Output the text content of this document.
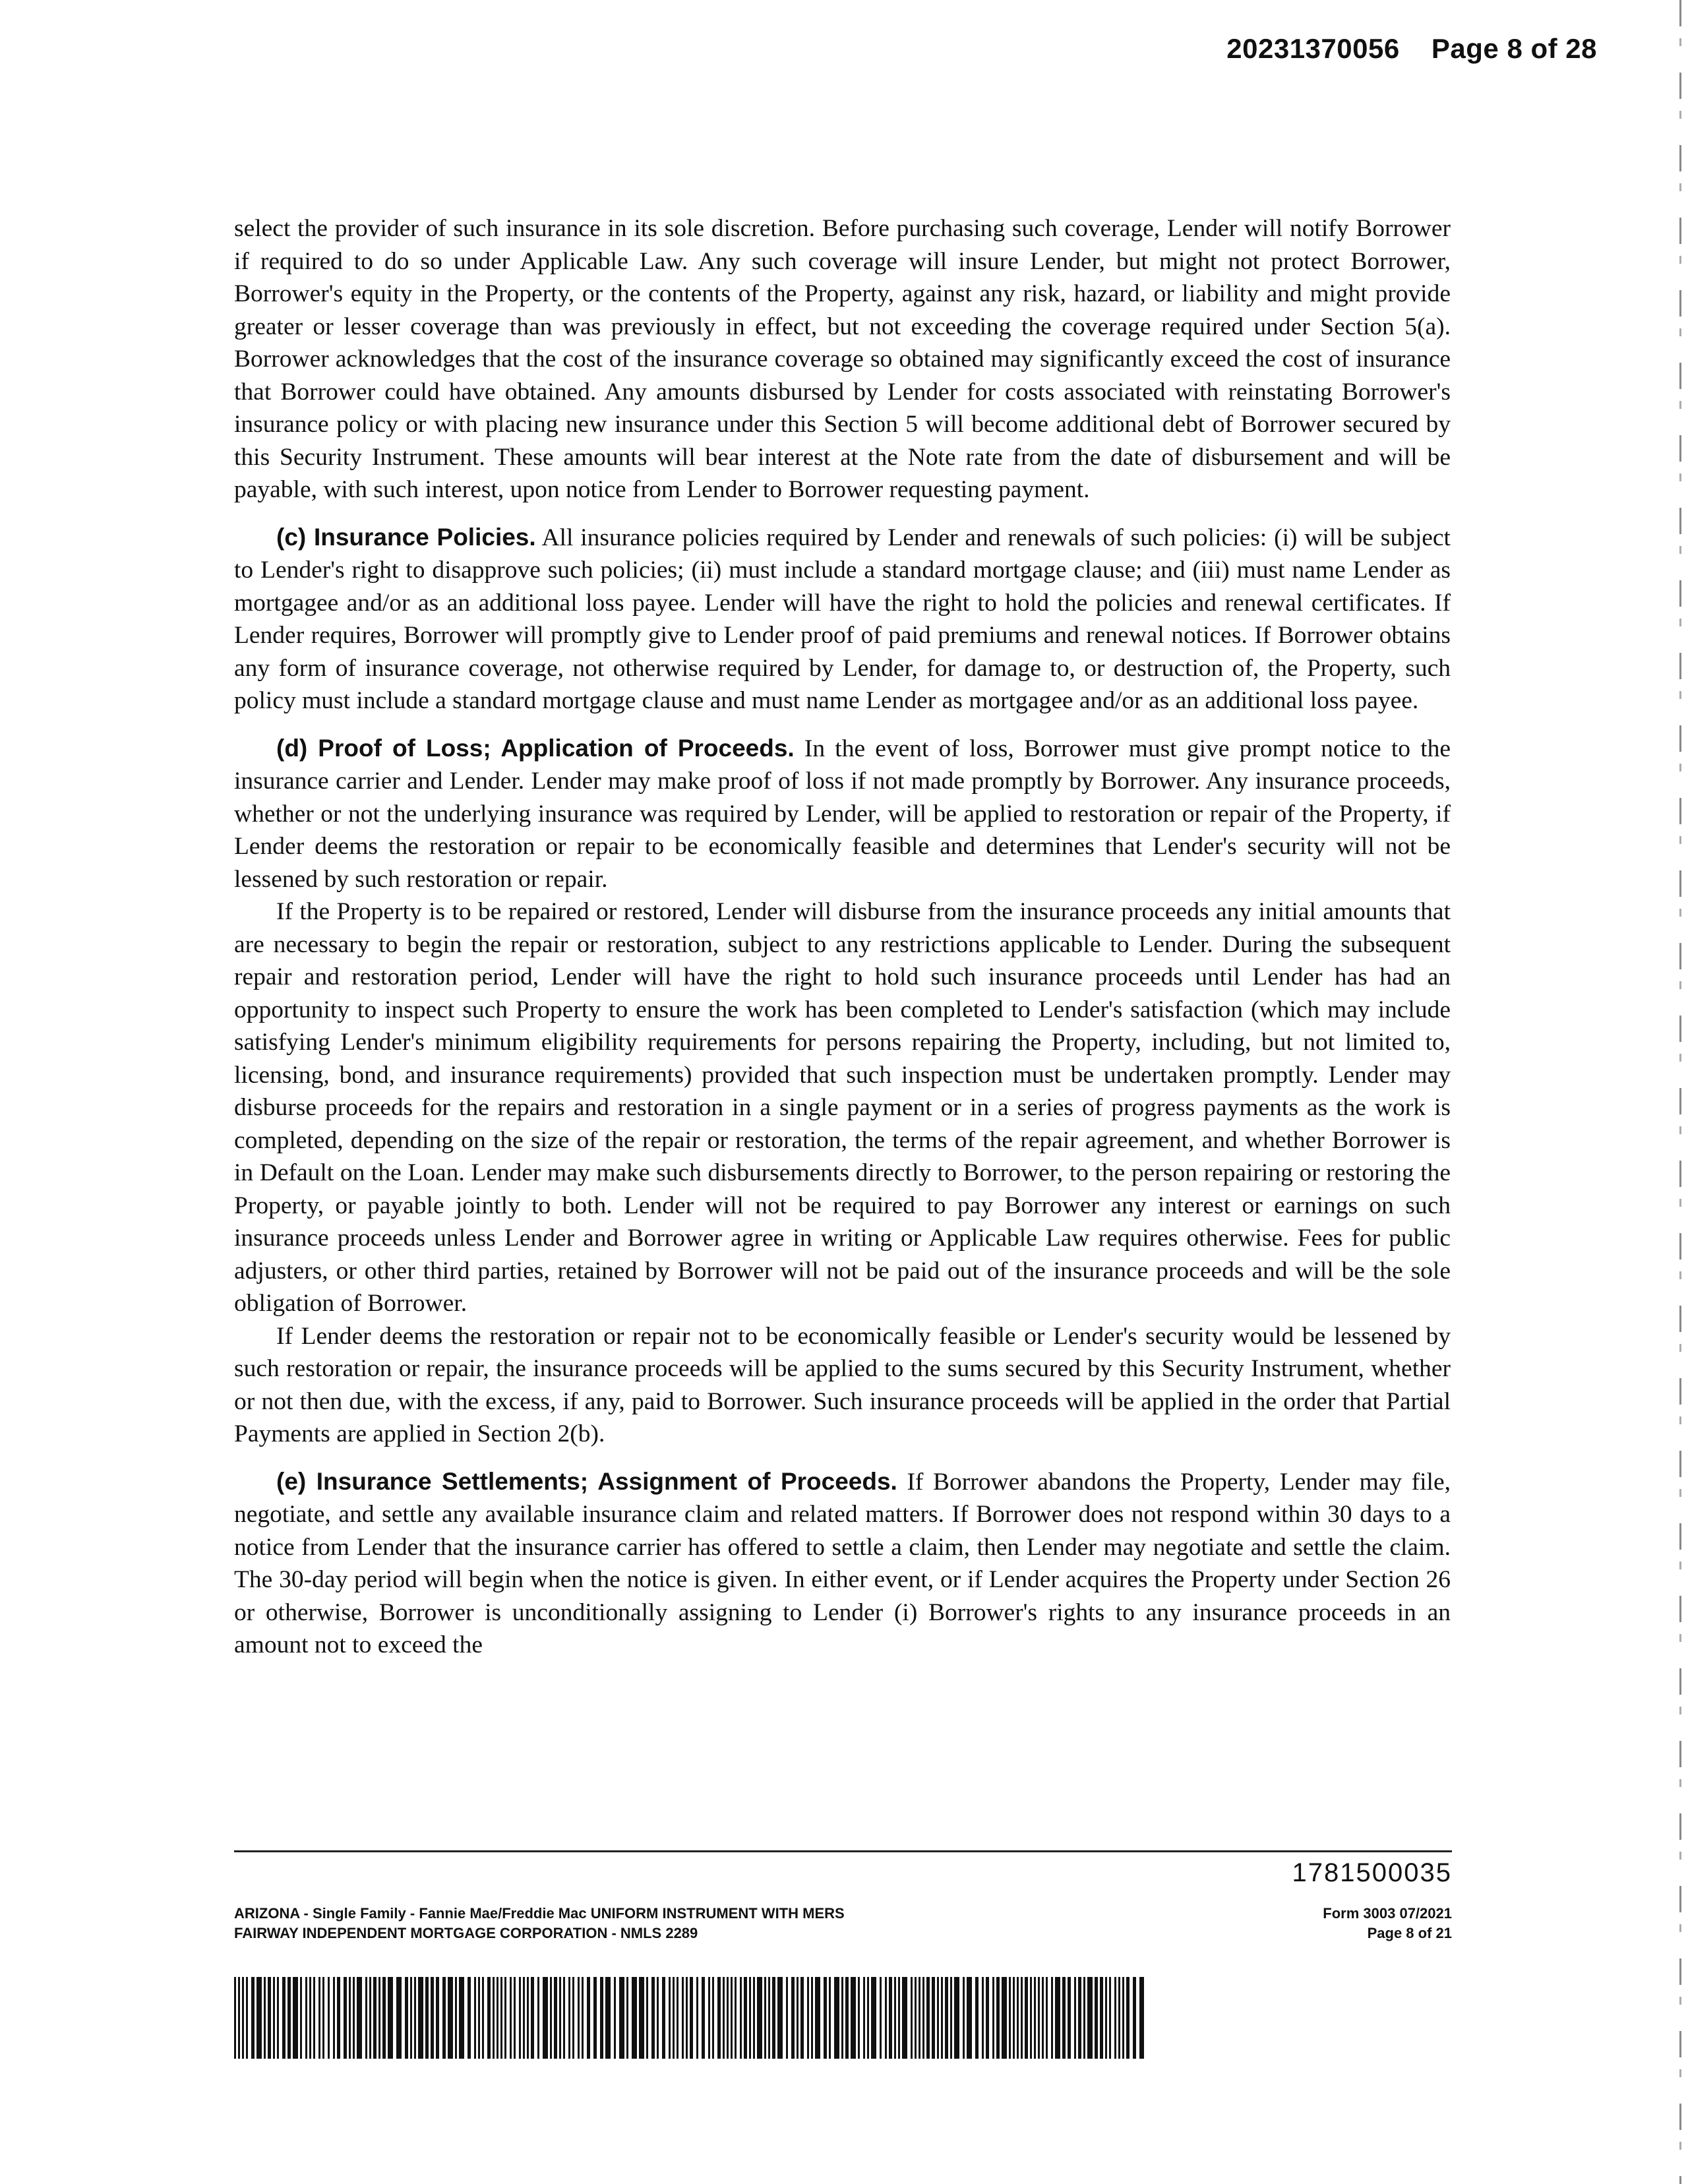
20231370056 Page 8 of 28

select the provider of such insurance in its sole discretion. Before purchasing such coverage, Lender will notify Borrower if required to do so under Applicable Law. Any such coverage will insure Lender, but might not protect Borrower, Borrower's equity in the Property, or the contents of the Property, against any risk, hazard, or liability and might provide greater or lesser coverage than was previously in effect, but not exceeding the coverage required under Section 5(a). Borrower acknowledges that the cost of the insurance coverage so obtained may significantly exceed the cost of insurance that Borrower could have obtained. Any amounts disbursed by Lender for costs associated with reinstating Borrower's insurance policy or with placing new insurance under this Section 5 will become additional debt of Borrower secured by this Security Instrument. These amounts will bear interest at the Note rate from the date of disbursement and will be payable, with such interest, upon notice from Lender to Borrower requesting payment.

(c) Insurance Policies. All insurance policies required by Lender and renewals of such policies: (i) will be subject to Lender's right to disapprove such policies; (ii) must include a standard mortgage clause; and (iii) must name Lender as mortgagee and/or as an additional loss payee. Lender will have the right to hold the policies and renewal certificates. If Lender requires, Borrower will promptly give to Lender proof of paid premiums and renewal notices. If Borrower obtains any form of insurance coverage, not otherwise required by Lender, for damage to, or destruction of, the Property, such policy must include a standard mortgage clause and must name Lender as mortgagee and/or as an additional loss payee.

(d) Proof of Loss; Application of Proceeds. In the event of loss, Borrower must give prompt notice to the insurance carrier and Lender. Lender may make proof of loss if not made promptly by Borrower. Any insurance proceeds, whether or not the underlying insurance was required by Lender, will be applied to restoration or repair of the Property, if Lender deems the restoration or repair to be economically feasible and determines that Lender's security will not be lessened by such restoration or repair.

If the Property is to be repaired or restored, Lender will disburse from the insurance proceeds any initial amounts that are necessary to begin the repair or restoration, subject to any restrictions applicable to Lender. During the subsequent repair and restoration period, Lender will have the right to hold such insurance proceeds until Lender has had an opportunity to inspect such Property to ensure the work has been completed to Lender's satisfaction (which may include satisfying Lender's minimum eligibility requirements for persons repairing the Property, including, but not limited to, licensing, bond, and insurance requirements) provided that such inspection must be undertaken promptly. Lender may disburse proceeds for the repairs and restoration in a single payment or in a series of progress payments as the work is completed, depending on the size of the repair or restoration, the terms of the repair agreement, and whether Borrower is in Default on the Loan. Lender may make such disbursements directly to Borrower, to the person repairing or restoring the Property, or payable jointly to both. Lender will not be required to pay Borrower any interest or earnings on such insurance proceeds unless Lender and Borrower agree in writing or Applicable Law requires otherwise. Fees for public adjusters, or other third parties, retained by Borrower will not be paid out of the insurance proceeds and will be the sole obligation of Borrower.

If Lender deems the restoration or repair not to be economically feasible or Lender's security would be lessened by such restoration or repair, the insurance proceeds will be applied to the sums secured by this Security Instrument, whether or not then due, with the excess, if any, paid to Borrower. Such insurance proceeds will be applied in the order that Partial Payments are applied in Section 2(b).

(e) Insurance Settlements; Assignment of Proceeds. If Borrower abandons the Property, Lender may file, negotiate, and settle any available insurance claim and related matters. If Borrower does not respond within 30 days to a notice from Lender that the insurance carrier has offered to settle a claim, then Lender may negotiate and settle the claim. The 30-day period will begin when the notice is given. In either event, or if Lender acquires the Property under Section 26 or otherwise, Borrower is unconditionally assigning to Lender (i) Borrower's rights to any insurance proceeds in an amount not to exceed the

1781500035
ARIZONA - Single Family - Fannie Mae/Freddie Mac UNIFORM INSTRUMENT WITH MERS
FAIRWAY INDEPENDENT MORTGAGE CORPORATION - NMLS 2289
Form 3003 07/2021
Page 8 of 21
